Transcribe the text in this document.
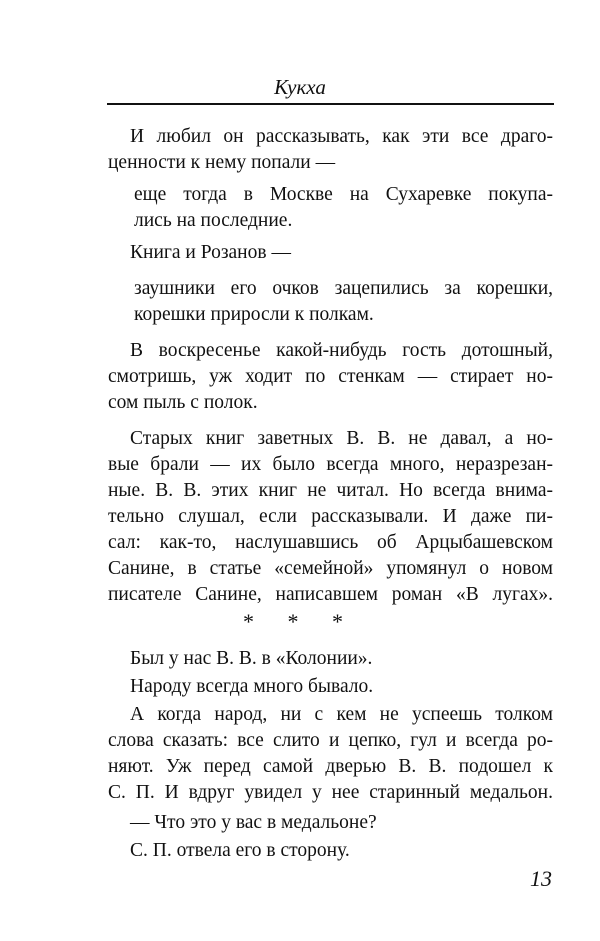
Кукха
И любил он рассказывать, как эти все драго-
ценности к нему попали —
еще тогда в Москве на Сухаревке покупа-
лись на последние.
Книга и Розанов —
заушники его очков зацепились за корешки,
корешки приросли к полкам.
В воскресенье какой-нибудь гость дотошный,
смотришь, уж ходит по стенкам — стирает но-
сом пыль с полок.
Старых книг заветных В. В. не давал, а но-
вые брали — их было всегда много, неразрезан-
ные. В. В. этих книг не читал. Но всегда внима-
тельно слушал, если рассказывали. И даже пи-
сал: как-то, наслушавшись об Арцыбашевском
Санине, в статье «семейной» упомянул о новом
писателе Санине, написавшем роман «В лугах».
Был у нас В. В. в «Колонии».
Народу всегда много бывало.
А когда народ, ни с кем не успеешь толком
слова сказать: все слито и цепко, гул и всегда ро-
няют. Уж перед самой дверью В. В. подошел к
С. П. И вдруг увидел у нее старинный медальон.
— Что это у вас в медальоне?
С. П. отвела его в сторону.
* * *
13
